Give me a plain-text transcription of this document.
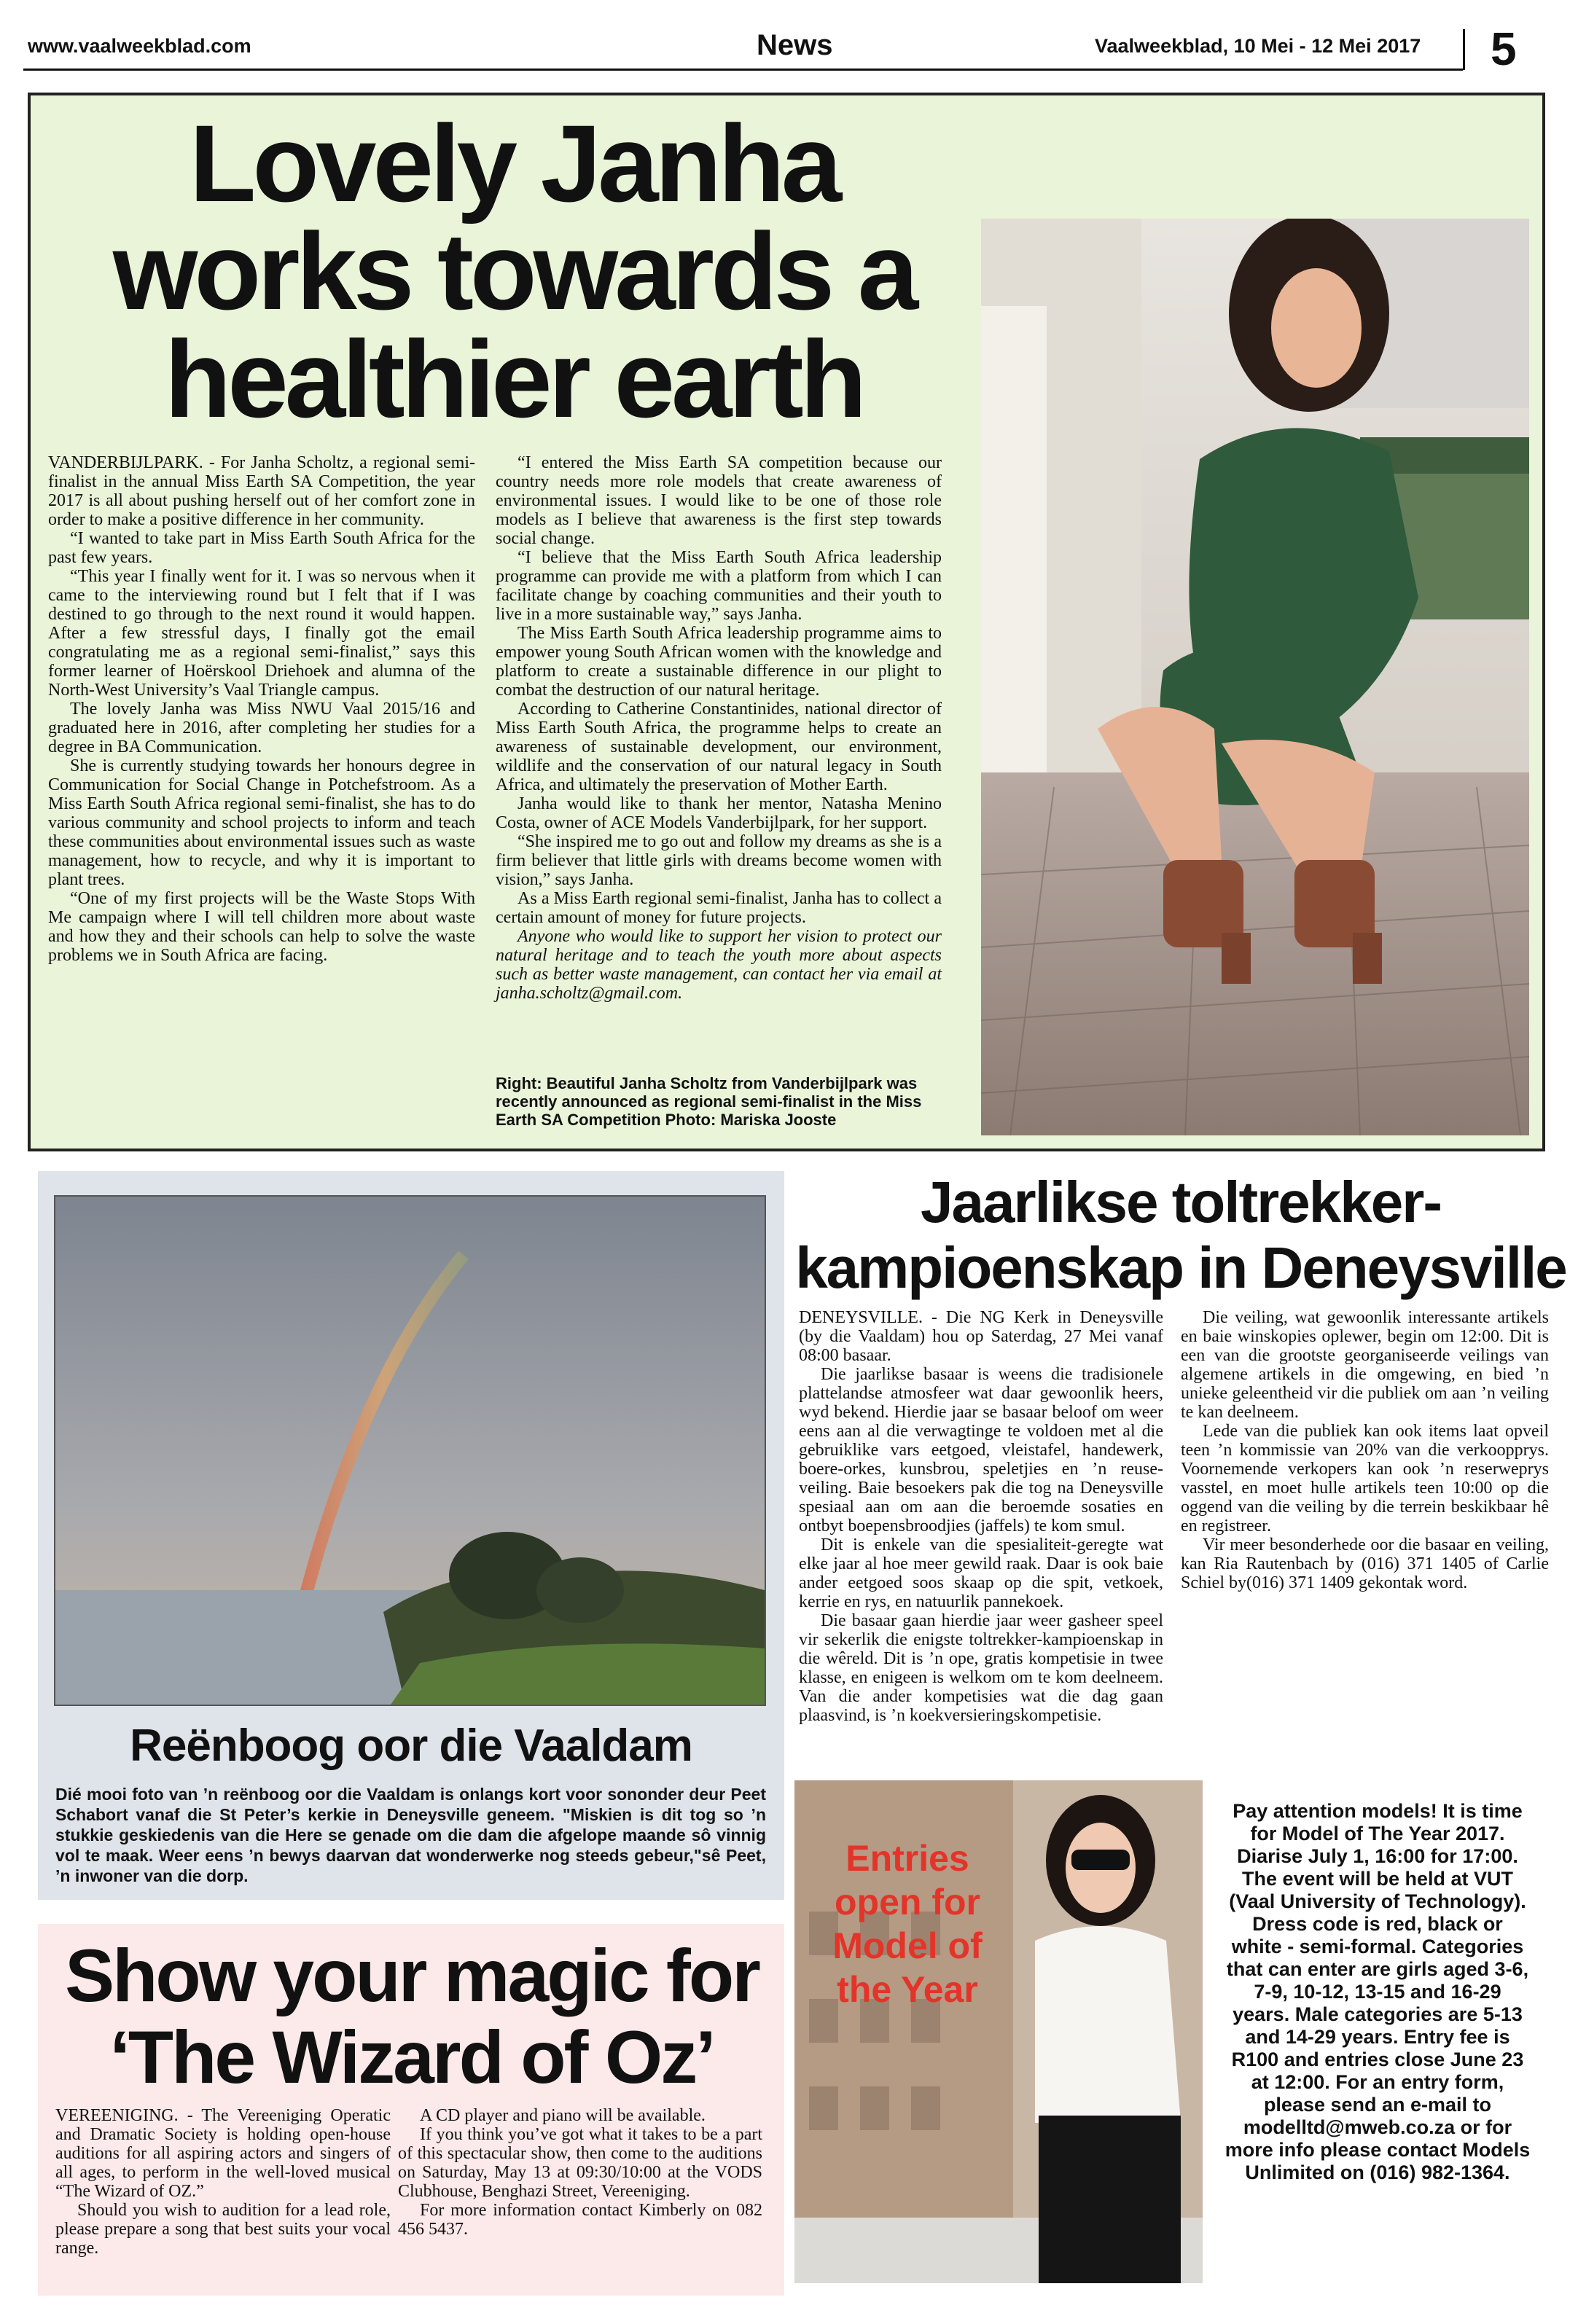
www.vaalweekblad.com	News	Vaalweekblad, 10 Mei - 12 Mei 2017 5
Lovely Janha
works towards a
healthier earth

VANDERBIJLPARK. - For Janha Scholtz, a regional semi-finalist in the annual Miss Earth SA Competition, the year 2017 is all about pushing herself out of her comfort zone in order to make a positive difference in her community.

“I wanted to take part in Miss Earth South Africa for the past few years.

“This year I finally went for it. I was so nervous when it came to the interviewing round but I felt that if I was destined to go through to the next round it would happen. After a few stressful days, I finally got the email congratulating me as a regional semi-finalist,” says this former learner of Hoërskool Driehoek and alumna of the North-West University’s Vaal Triangle campus.

The lovely Janha was Miss NWU Vaal 2015/16 and graduated here in 2016, after completing her studies for a degree in BA Communication.

She is currently studying towards her honours degree in Communication for Social Change in Potchefstroom. As a Miss Earth South Africa regional semi-finalist, she has to do various community and school projects to inform and teach these communities about environmental issues such as waste management, how to recycle, and why it is important to plant trees.

“One of my first projects will be the Waste Stops With Me campaign where I will tell children more about waste and how they and their schools can help to solve the waste problems we in South Africa are facing.

“I entered the Miss Earth SA competition because our country needs more role models that create awareness of environmental issues. I would like to be one of those role models as I believe that awareness is the first step towards social change.

“I believe that the Miss Earth South Africa leadership programme can provide me with a platform from which I can facilitate change by coaching communities and their youth to live in a more sustainable way,” says Janha.

The Miss Earth South Africa leadership programme aims to empower young South African women with the knowledge and platform to create a sustainable difference in our plight to combat the destruction of our natural heritage.

According to Catherine Constantinides, national director of Miss Earth South Africa, the programme helps to create an awareness of sustainable development, our environment, wildlife and the conservation of our natural legacy in South Africa, and ultimately the preservation of Mother Earth.

Janha would like to thank her mentor, Natasha Menino Costa, owner of ACE Models Vanderbijlpark, for her support.

“She inspired me to go out and follow my dreams as she is a firm believer that little girls with dreams become women with vision,” says Janha.

As a Miss Earth regional semi-finalist, Janha has to collect a certain amount of money for future projects.

Anyone who would like to support her vision to protect our natural heritage and to teach the youth more about aspects such as better waste management, can contact her via email at janha.scholtz@gmail.com.

Right: Beautiful Janha Scholtz from Vanderbijlpark was recently announced as regional semi-finalist in the Miss Earth SA Competition Photo: Mariska Jooste
Reënboog oor die Vaaldam
Dié mooi foto van ’n reënboog oor die Vaaldam is onlangs kort voor sononder deur Peet Schabort vanaf die St Peter’s kerkie in Deneysville geneem. "Miskien is dit tog so ’n stukkie geskiedenis van die Here se genade om die dam die afgelope maande sô vinnig vol te maak. Weer eens ’n bewys daarvan dat wonderwerke nog steeds gebeur,"sê Peet, ’n inwoner van die dorp.
Jaarlikse toltrekker-
kampioenskap in Deneysville

DENEYSVILLE. - Die NG Kerk in Deneysville (by die Vaaldam) hou op Saterdag, 27 Mei vanaf 08:00 basaar.

Die jaarlikse basaar is weens die tradisionele plattelandse atmosfeer wat daar gewoonlik heers, wyd bekend. Hierdie jaar se basaar beloof om weer eens aan al die verwagtinge te voldoen met al die gebruiklike vars eetgoed, vleistafel, handewerk, boere-orkes, kunsbrou, speletjies en ’n reuse-veiling. Baie besoekers pak die tog na Deneysville spesiaal aan om aan die beroemde sosaties en ontbyt boepensbroodjies (jaffels) te kom smul.

Dit is enkele van die spesialiteit-geregte wat elke jaar al hoe meer gewild raak. Daar is ook baie ander eetgoed soos skaap op die spit, vetkoek, kerrie en rys, en natuurlik pannekoek.

Die basaar gaan hierdie jaar weer gasheer speel vir sekerlik die enigste toltrekker-kampioenskap in die wêreld. Dit is ’n ope, gratis kompetisie in twee klasse, en enigeen is welkom om te kom deelneem. Van die ander kompetisies wat die dag gaan plaasvind, is ’n koekversieringskompetisie.

Die veiling, wat gewoonlik interessante artikels en baie winskopies oplewer, begin om 12:00. Dit is een van die grootste georganiseerde veilings van algemene artikels in die omgewing, en bied ’n unieke geleentheid vir die publiek om aan ’n veiling te kan deelneem.

Lede van die publiek kan ook items laat opveil teen ’n kommissie van 20% van die verkoopprys. Voornemende verkopers kan ook ’n reserweprys vasstel, en moet hulle artikels teen 10:00 op die oggend van die veiling by die terrein beskikbaar hê en registreer.

Vir meer besonderhede oor die basaar en veiling, kan Ria Rautenbach by (016) 371 1405 of Carlie Schiel by(016) 371 1409 gekontak word.

Show your magic for
‘The Wizard of Oz’

VEREENIGING. - The Vereeniging Operatic and Dramatic Society is holding open-house auditions for all aspiring actors and singers of all ages, to perform in the well-loved musical “The Wizard of OZ.”

Should you wish to audition for a lead role, please prepare a song that best suits your vocal range.

A CD player and piano will be available.

If you think you’ve got what it takes to be a part of this spectacular show, then come to the auditions on Saturday, May 13 at 09:30/10:00 at the VODS Clubhouse, Benghazi Street, Vereeniging.

For more information contact Kimberly on 082 456 5437.

Entries open for Model of the Year
Pay attention models! It is time for Model of The Year 2017. Diarise July 1, 16:00 for 17:00. The event will be held at VUT (Vaal University of Technology). Dress code is red, black or white - semi-formal. Categories that can enter are girls aged 3-6, 7-9, 10-12, 13-15 and 16-29 years. Male categories are 5-13 and 14-29 years. Entry fee is R100 and entries close June 23 at 12:00. For an entry form, please send an e-mail to modelltd@mweb.co.za or for more info please contact Models Unlimited on (016) 982-1364.
